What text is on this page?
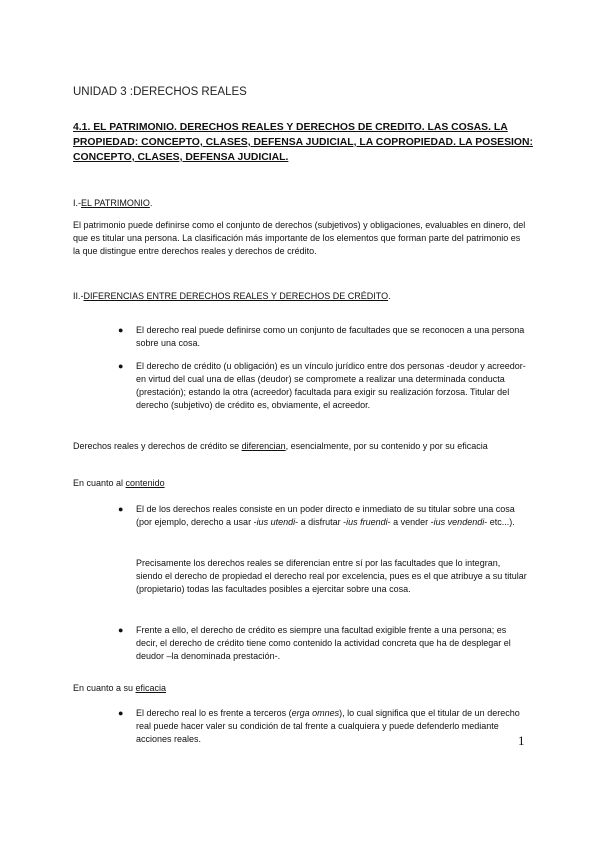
UNIDAD 3 :DERECHOS REALES
4.1. EL PATRIMONIO. DERECHOS REALES Y DERECHOS DE CREDITO. LAS COSAS. LA PROPIEDAD: CONCEPTO, CLASES, DEFENSA JUDICIAL, LA COPROPIEDAD. LA POSESION: CONCEPTO, CLASES, DEFENSA JUDICIAL.
I.-EL PATRIMONIO.
El patrimonio puede definirse como el conjunto de derechos (subjetivos) y obligaciones, evaluables en dinero, del que es titular una persona. La clasificación más importante de los elementos que forman parte del patrimonio es la que distingue entre derechos reales y derechos de crédito.
II.-DIFERENCIAS ENTRE DERECHOS REALES Y DERECHOS DE CRÉDITO.
● El derecho real puede definirse como un conjunto de facultades que se reconocen a una persona sobre una cosa.
● El derecho de crédito (u obligación) es un vínculo jurídico entre dos personas -deudor y acreedor- en virtud del cual una de ellas (deudor) se compromete a realizar una determinada conducta (prestación); estando la otra (acreedor) facultada para exigir su realización forzosa. Titular del derecho (subjetivo) de crédito es, obviamente, el acreedor.
Derechos reales y derechos de crédito se diferencian, esencialmente, por su contenido y por su eficacia
En cuanto al contenido
● El de los derechos reales consiste en un poder directo e inmediato de su titular sobre una cosa (por ejemplo, derecho a usar -ius utendi- a disfrutar -ius fruendi- a vender -ius vendendi- etc...).
Precisamente los derechos reales se diferencian entre sí por las facultades que lo integran, siendo el derecho de propiedad el derecho real por excelencia, pues es el que atribuye a su titular (propietario) todas las facultades posibles a ejercitar sobre una cosa.
● Frente a ello, el derecho de crédito es siempre una facultad exigible frente a una persona; es decir, el derecho de crédito tiene como contenido la actividad concreta que ha de desplegar el deudor –la denominada prestación-.
En cuanto a su eficacia
● El derecho real lo es frente a terceros (erga omnes), lo cual significa que el titular de un derecho real puede hacer valer su condición de tal frente a cualquiera y puede defenderlo mediante acciones reales.	1
